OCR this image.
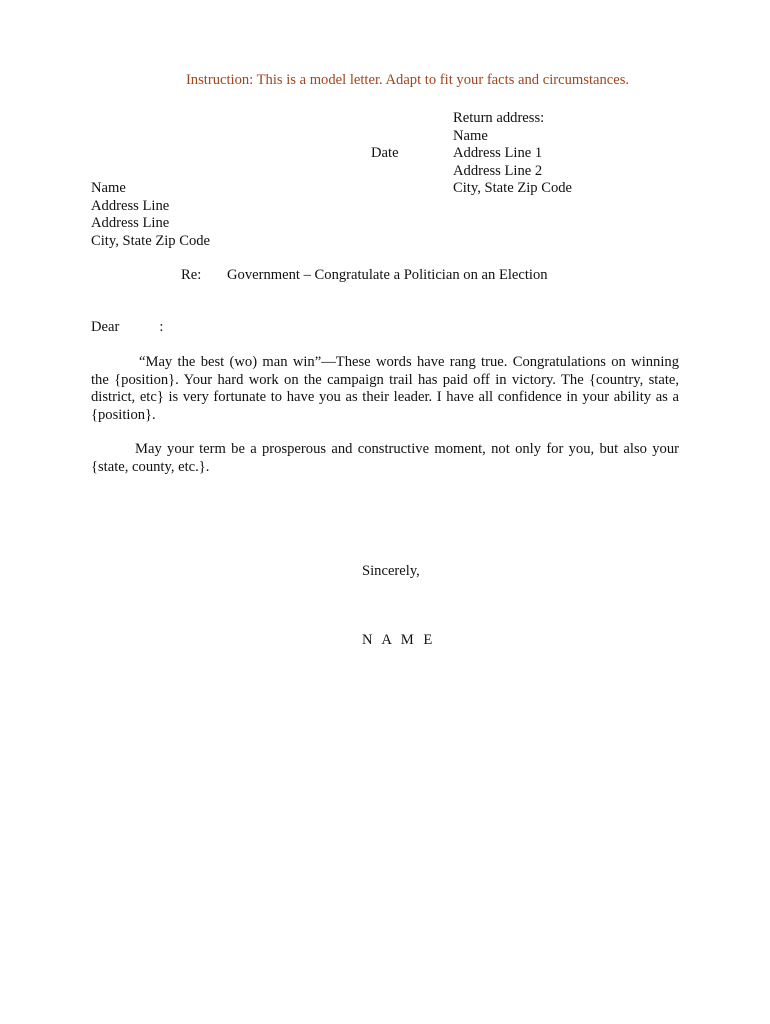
Instruction: This is a model letter. Adapt to fit your facts and circumstances.
Return address:
Name
Address Line 1
Address Line 2
City, State Zip Code
Date
Name
Address Line
Address Line
City, State Zip Code
Re: Government – Congratulate a Politician on an Election
Dear	:
“May the best (wo) man win”—These words have rang true. Congratulations on winning the {position}. Your hard work on the campaign trail has paid off in victory. The {country, state, district, etc} is very fortunate to have you as their leader. I have all confidence in your ability as a {position}.
May your term be a prosperous and constructive moment, not only for you, but also your {state, county, etc.}.
Sincerely,
N A M E
